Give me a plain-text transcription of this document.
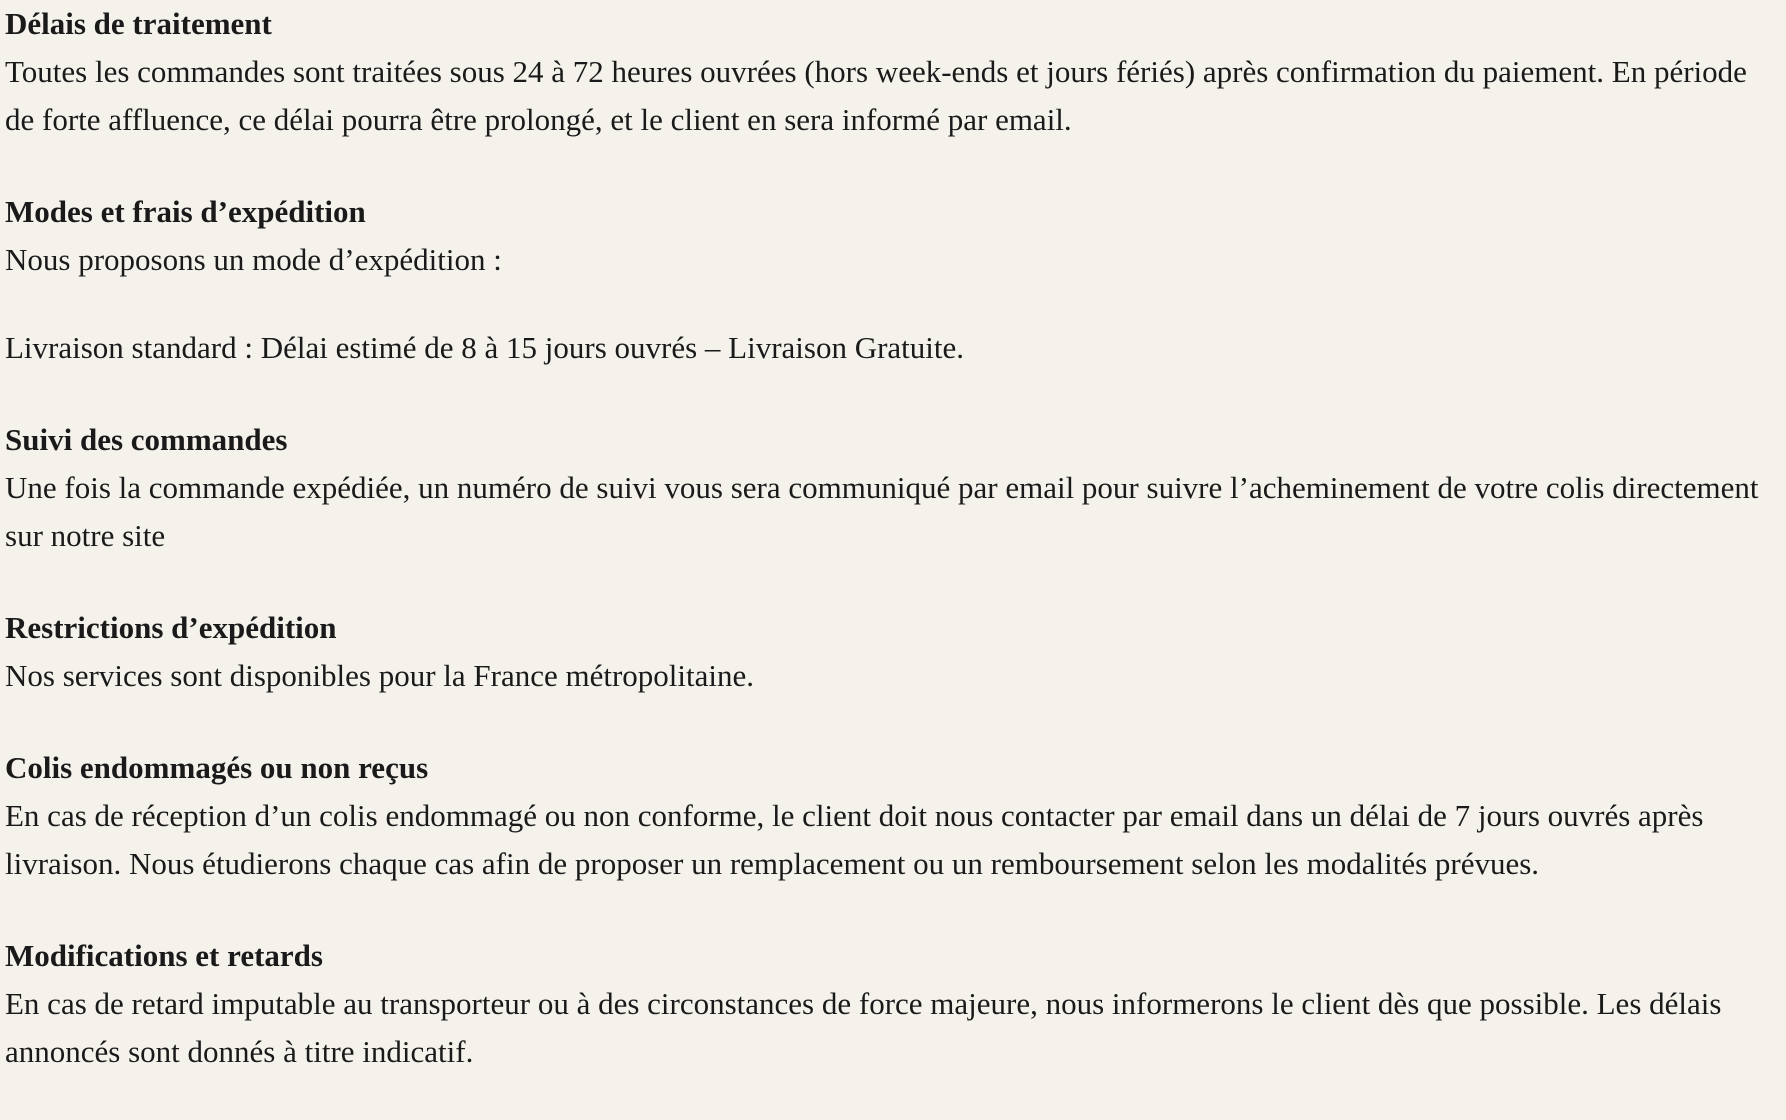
Délais de traitement

Toutes les commandes sont traitées sous 24 à 72 heures ouvrées (hors week-ends et jours fériés) après confirmation du paiement. En période de forte affluence, ce délai pourra être prolongé, et le client en sera informé par email.

Modes et frais d’expédition

Nous proposons un mode d’expédition :

Livraison standard : Délai estimé de 8 à 15 jours ouvrés – Livraison Gratuite.

Suivi des commandes

Une fois la commande expédiée, un numéro de suivi vous sera communiqué par email pour suivre l’acheminement de votre colis directement sur notre site

Restrictions d’expédition

Nos services sont disponibles pour la France métropolitaine.

Colis endommagés ou non reçus

En cas de réception d’un colis endommagé ou non conforme, le client doit nous contacter par email dans un délai de 7 jours ouvrés après livraison. Nous étudierons chaque cas afin de proposer un remplacement ou un remboursement selon les modalités prévues.

Modifications et retards

En cas de retard imputable au transporteur ou à des circonstances de force majeure, nous informerons le client dès que possible. Les délais annoncés sont donnés à titre indicatif.
